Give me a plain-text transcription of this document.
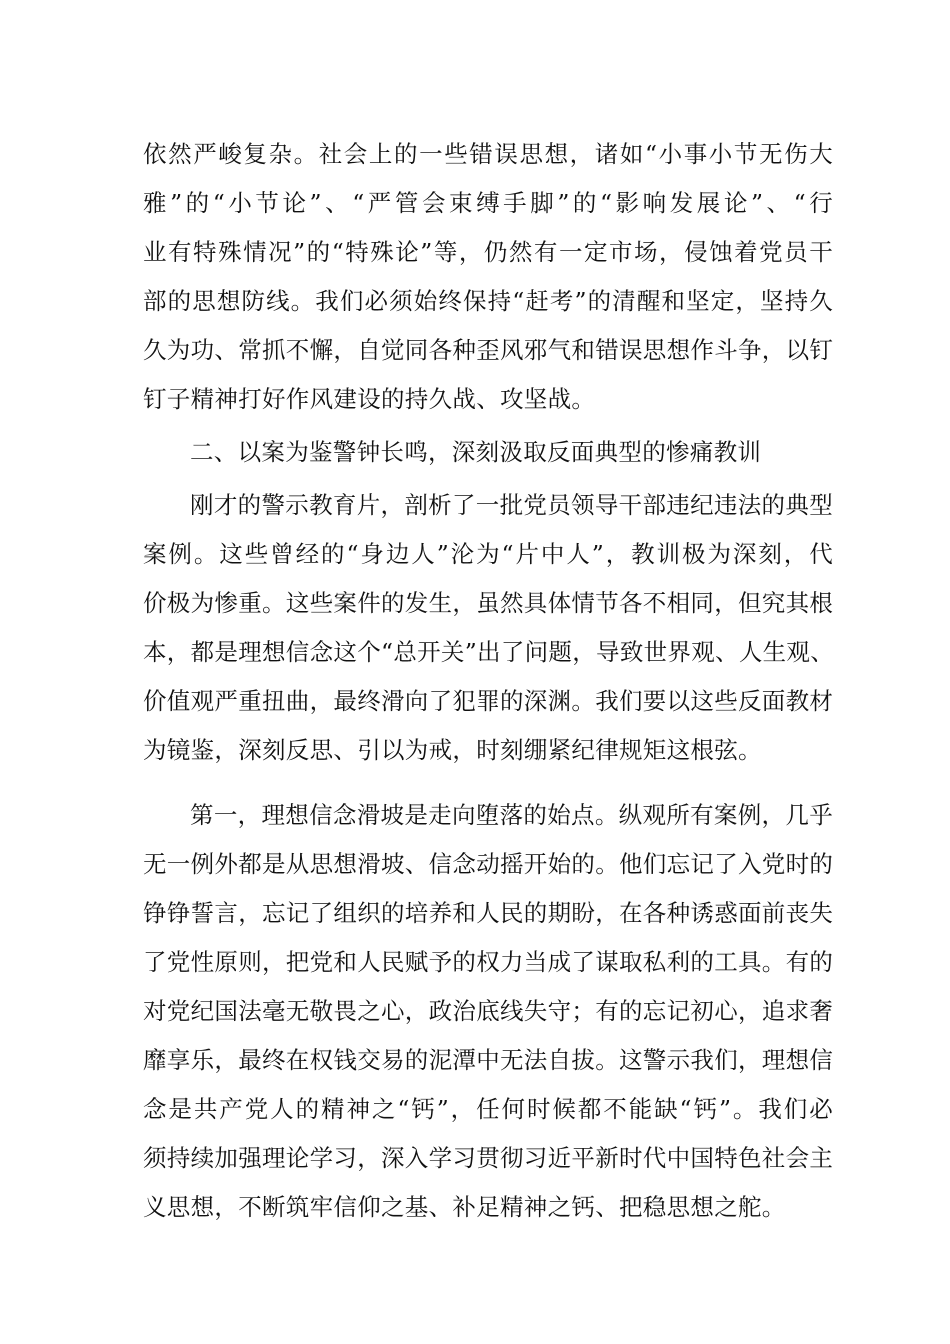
依然严峻复杂。社会上的一些错误思想，诸如“小事小节无伤大
雅”的“小节论”、“严管会束缚手脚”的“影响发展论”、“行
业有特殊情况”的“特殊论”等，仍然有一定市场，侵蚀着党员干
部的思想防线。我们必须始终保持“赶考”的清醒和坚定，坚持久
久为功、常抓不懈，自觉同各种歪风邪气和错误思想作斗争，以钉
钉子精神打好作风建设的持久战、攻坚战。
二、以案为鉴警钟长鸣，深刻汲取反面典型的惨痛教训
刚才的警示教育片，剖析了一批党员领导干部违纪违法的典型
案例。这些曾经的“身边人”沦为“片中人”，教训极为深刻，代
价极为惨重。这些案件的发生，虽然具体情节各不相同，但究其根
本，都是理想信念这个“总开关”出了问题，导致世界观、人生观、
价值观严重扭曲，最终滑向了犯罪的深渊。我们要以这些反面教材
为镜鉴，深刻反思、引以为戒，时刻绷紧纪律规矩这根弦。
第一，理想信念滑坡是走向堕落的始点。纵观所有案例，几乎
无一例外都是从思想滑坡、信念动摇开始的。他们忘记了入党时的
铮铮誓言，忘记了组织的培养和人民的期盼，在各种诱惑面前丧失
了党性原则，把党和人民赋予的权力当成了谋取私利的工具。有的
对党纪国法毫无敬畏之心，政治底线失守；有的忘记初心，追求奢
靡享乐，最终在权钱交易的泥潭中无法自拔。这警示我们，理想信
念是共产党人的精神之“钙”，任何时候都不能缺“钙”。我们必
须持续加强理论学习，深入学习贯彻习近平新时代中国特色社会主
义思想，不断筑牢信仰之基、补足精神之钙、把稳思想之舵。
